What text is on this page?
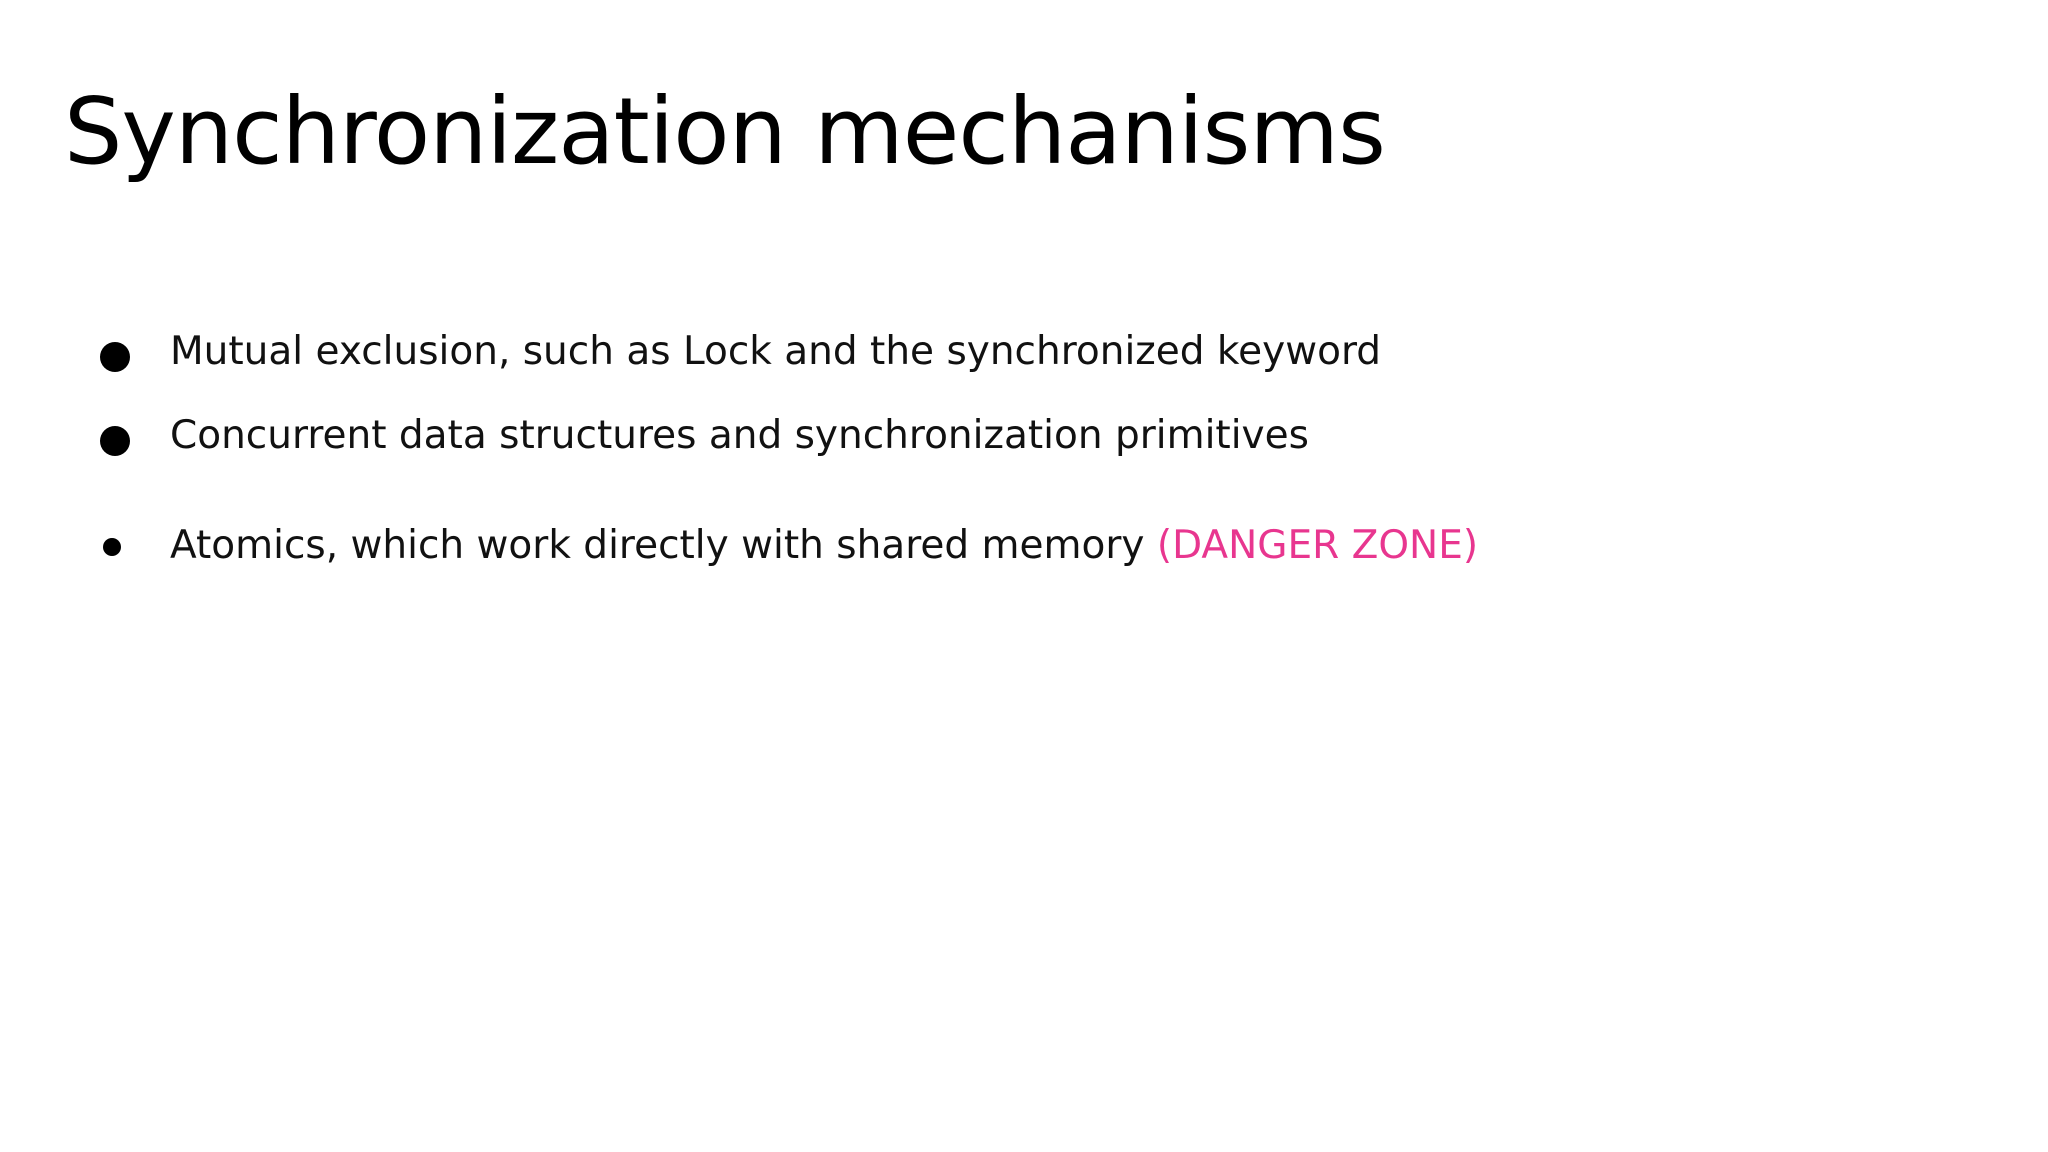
Synchronization mechanisms
Mutual exclusion, such as Lock and the synchronized keyword
Concurrent data structures and synchronization primitives
Atomics, which work directly with shared memory (DANGER ZONE)
